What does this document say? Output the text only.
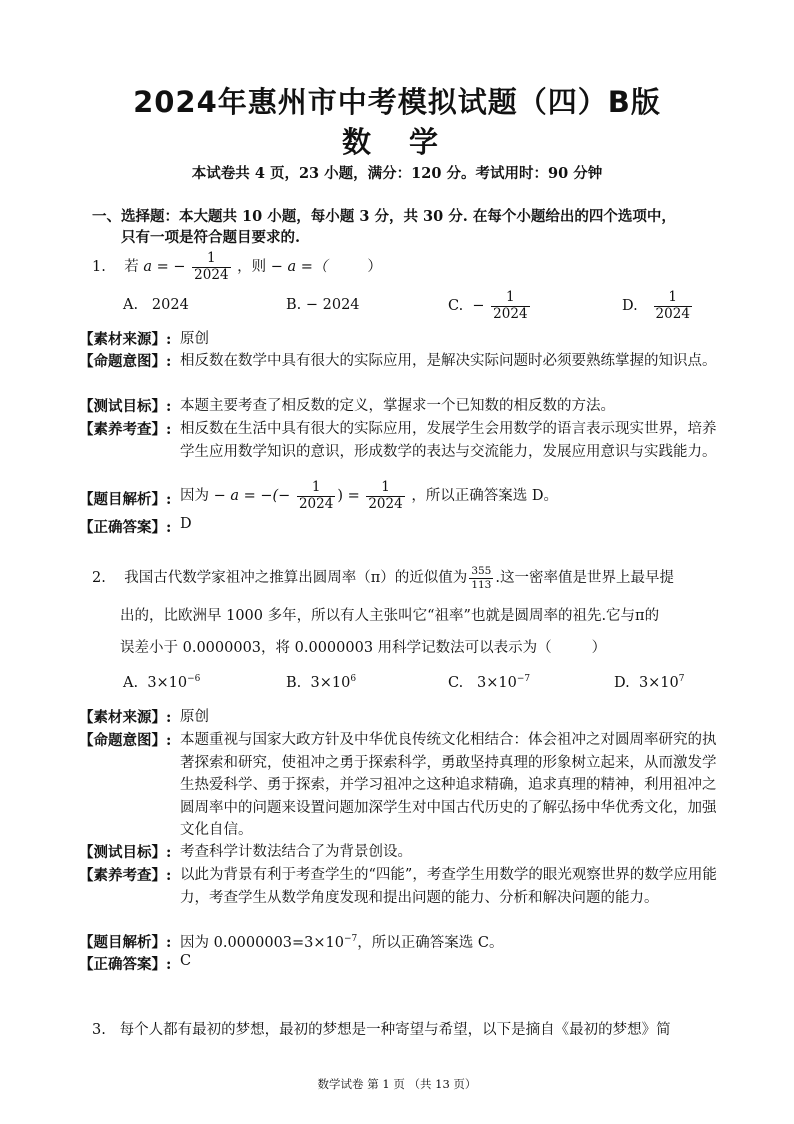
2024年惠州市中考模拟试题（四）B版
数 学
本试卷共 4 页，23 小题，满分：120 分。考试用时：90 分钟
一、选择题：本大题共 10 小题，每小题 3 分，共 30 分. 在每个小题给出的四个选项中，
只有一项是符合题目要求的.
1. 若 a = − $\frac{1}{2024}$ ，则 − a =（	）
A. 2024	B. − 2024	C. − $\frac{1}{2024}$	D. $\frac{1}{2024}$
【素材来源】: 原创
【命题意图】: 相反数在数学中具有很大的实际应用，是解决实际问题时必须要熟练掌握的知识点。
【测试目标】: 本题主要考查了相反数的定义，掌握求一个已知数的相反数的方法。
【素养考查】: 相反数在生活中具有很大的实际应用，发展学生会用数学的语言表示现实世界，培养学生应用数学知识的意识，形成数学的表达与交流能力，发展应用意识与实践能力。
【题目解析】: 因为 − a = −(− $\frac{1}{2024}$ ) = $\frac{1}{2024}$ ，所以正确答案选 D。
【正确答案】: D
2. 我国古代数学家祖冲之推算出圆周率（π）的近似值为 $\frac{355}{113}$ .这一密率值是世界上最早提
出的，比欧洲早 1000 多年，所以有人主张叫它“祖率”也就是圆周率的祖先.它与π的
误差小于 0.0000003，将 0.0000003 用科学记数法可以表示为（	）
A. $3\times 10^{-6}$	B. $3\times 10^6$	C. $3\times 10^{-7}$	D. $3\times 10^7$
【素材来源】: 原创
【命题意图】: 本题重视与国家大政方针及中华优良传统文化相结合：体会祖冲之对圆周率研究的执著探索和研究，使祖冲之勇于探索科学，勇敢坚持真理的形象树立起来，从而激发学生热爱科学、勇于探索，并学习祖冲之这种追求精确，追求真理的精神，利用祖冲之圆周率中的问题来设置问题加深学生对中国古代历史的了解弘扬中华优秀文化，加强文化自信。
【测试目标】: 考查科学计数法结合了为背景创设。
【素养考查】: 以此为背景有利于考查学生的“四能”，考查学生用数学的眼光观察世界的数学应用能力，考查学生从数学角度发现和提出问题的能力、分析和解决问题的能力。
【题目解析】: 因为 $0.0000003=3\times 10^{-7}$，所以正确答案选 C。
【正确答案】: C
3. 每个人都有最初的梦想，最初的梦想是一种寄望与希望，以下是摘自《最初的梦想》简
数学试卷 第 1 页 （共 13 页）
